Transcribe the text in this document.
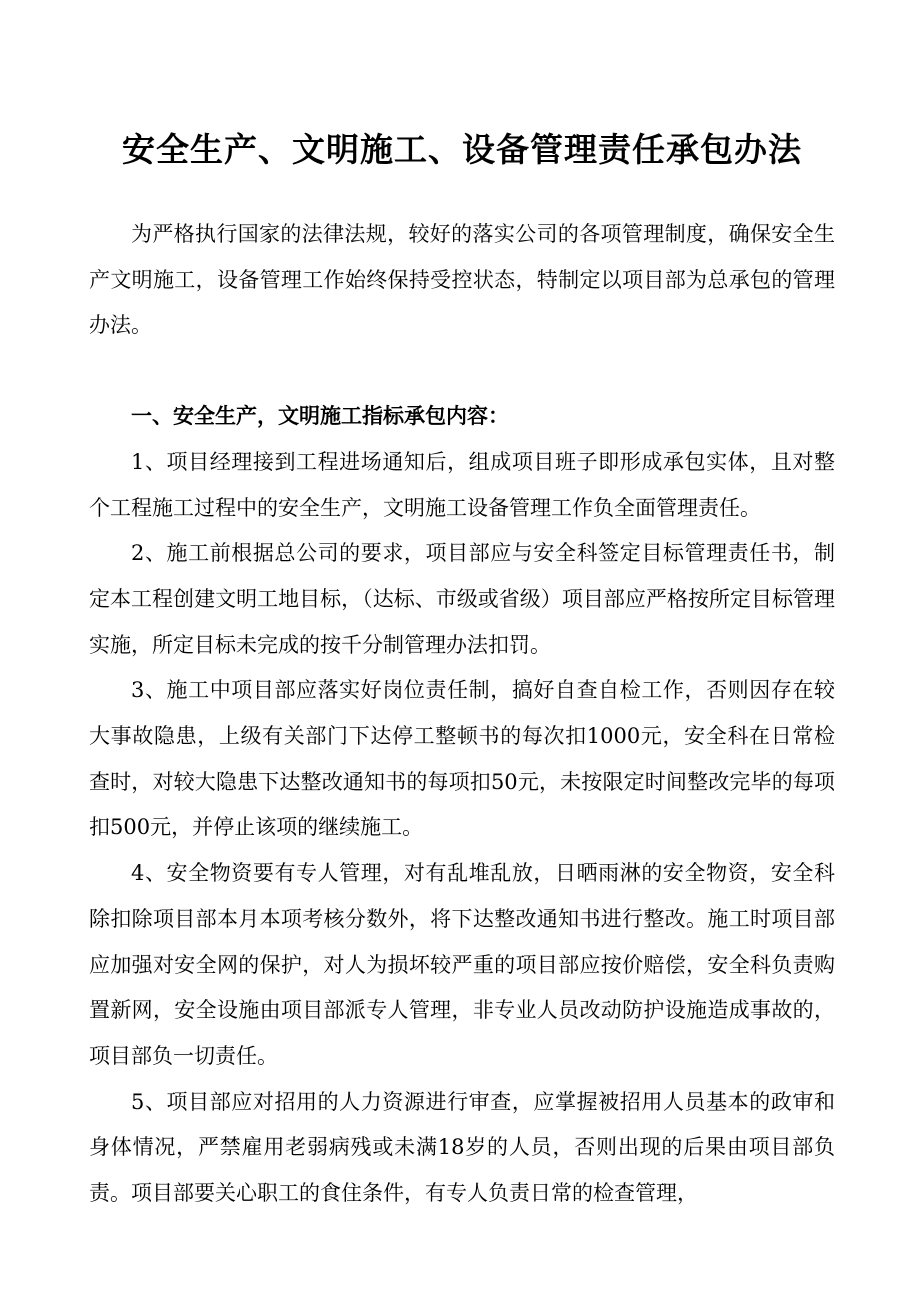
安全生产、文明施工、设备管理责任承包办法

为严格执行国家的法律法规，较好的落实公司的各项管理制度，确保安全生产文明施工，设备管理工作始终保持受控状态，特制定以项目部为总承包的管理办法。

一、安全生产，文明施工指标承包内容：

1、项目经理接到工程进场通知后，组成项目班子即形成承包实体，且对整个工程施工过程中的安全生产，文明施工设备管理工作负全面管理责任。

2、施工前根据总公司的要求，项目部应与安全科签定目标管理责任书，制定本工程创建文明工地目标，（达标、市级或省级）项目部应严格按所定目标管理实施，所定目标未完成的按千分制管理办法扣罚。

3、施工中项目部应落实好岗位责任制，搞好自查自检工作，否则因存在较大事故隐患，上级有关部门下达停工整顿书的每次扣1000元，安全科在日常检查时，对较大隐患下达整改通知书的每项扣50元，未按限定时间整改完毕的每项扣500元，并停止该项的继续施工。

4、安全物资要有专人管理，对有乱堆乱放，日晒雨淋的安全物资，安全科除扣除项目部本月本项考核分数外，将下达整改通知书进行整改。施工时项目部应加强对安全网的保护，对人为损坏较严重的项目部应按价赔偿，安全科负责购置新网，安全设施由项目部派专人管理，非专业人员改动防护设施造成事故的，项目部负一切责任。

5、项目部应对招用的人力资源进行审查，应掌握被招用人员基本的政审和身体情况，严禁雇用老弱病残或未满18岁的人员，否则出现的后果由项目部负责。项目部要关心职工的食住条件，有专人负责日常的检查管理，
